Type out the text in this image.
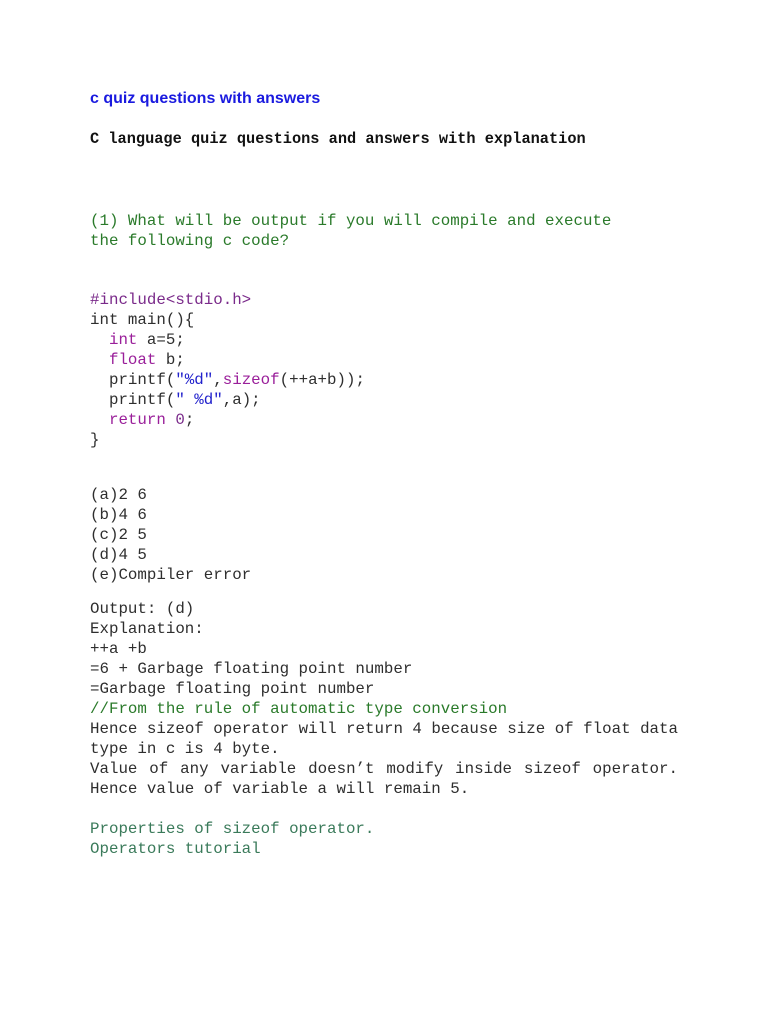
c quiz questions with answers
C language quiz questions and answers with explanation
(1) What will be output if you will compile and execute
the following c code?
#include<stdio.h>
int main(){
int a=5;
float b;
printf("%d",sizeof(++a+b));
printf(" %d",a);
return 0;
}
(a)2 6
(b)4 6
(c)2 5
(d)4 5
(e)Compiler error
Output: (d)
Explanation:
++a +b
=6 + Garbage floating point number
=Garbage floating point number
//From the rule of automatic type conversion

Hence sizeof operator will return 4 because size of float data type in c is 4 byte.

Value of any variable doesn’t modify inside sizeof operator. Hence value of variable a will remain 5.

Properties of sizeof operator.
Operators tutorial
